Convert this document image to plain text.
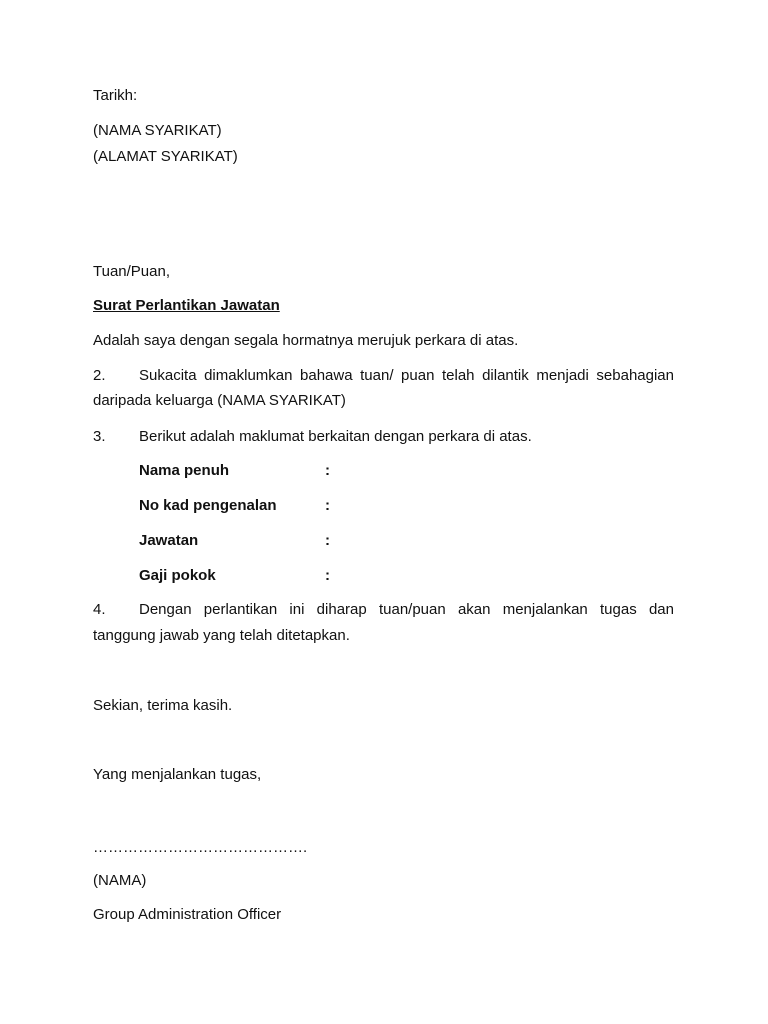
Tarikh:
(NAMA SYARIKAT)
(ALAMAT SYARIKAT)
Tuan/Puan,
Surat Perlantikan Jawatan
Adalah saya dengan segala hormatnya merujuk perkara di atas.
2. Sukacita dimaklumkan bahawa tuan/ puan telah dilantik menjadi sebahagian
daripada keluarga (NAMA SYARIKAT)
3. Berikut adalah maklumat berkaitan dengan perkara di atas.
Nama penuh	:
No kad pengenalan	:
Jawatan	:
Gaji pokok	:
4. Dengan perlantikan ini diharap tuan/puan akan menjalankan tugas dan
tanggung jawab yang telah ditetapkan.
Sekian, terima kasih.
Yang menjalankan tugas,
…………………………………….
(NAMA)
Group Administration Officer
